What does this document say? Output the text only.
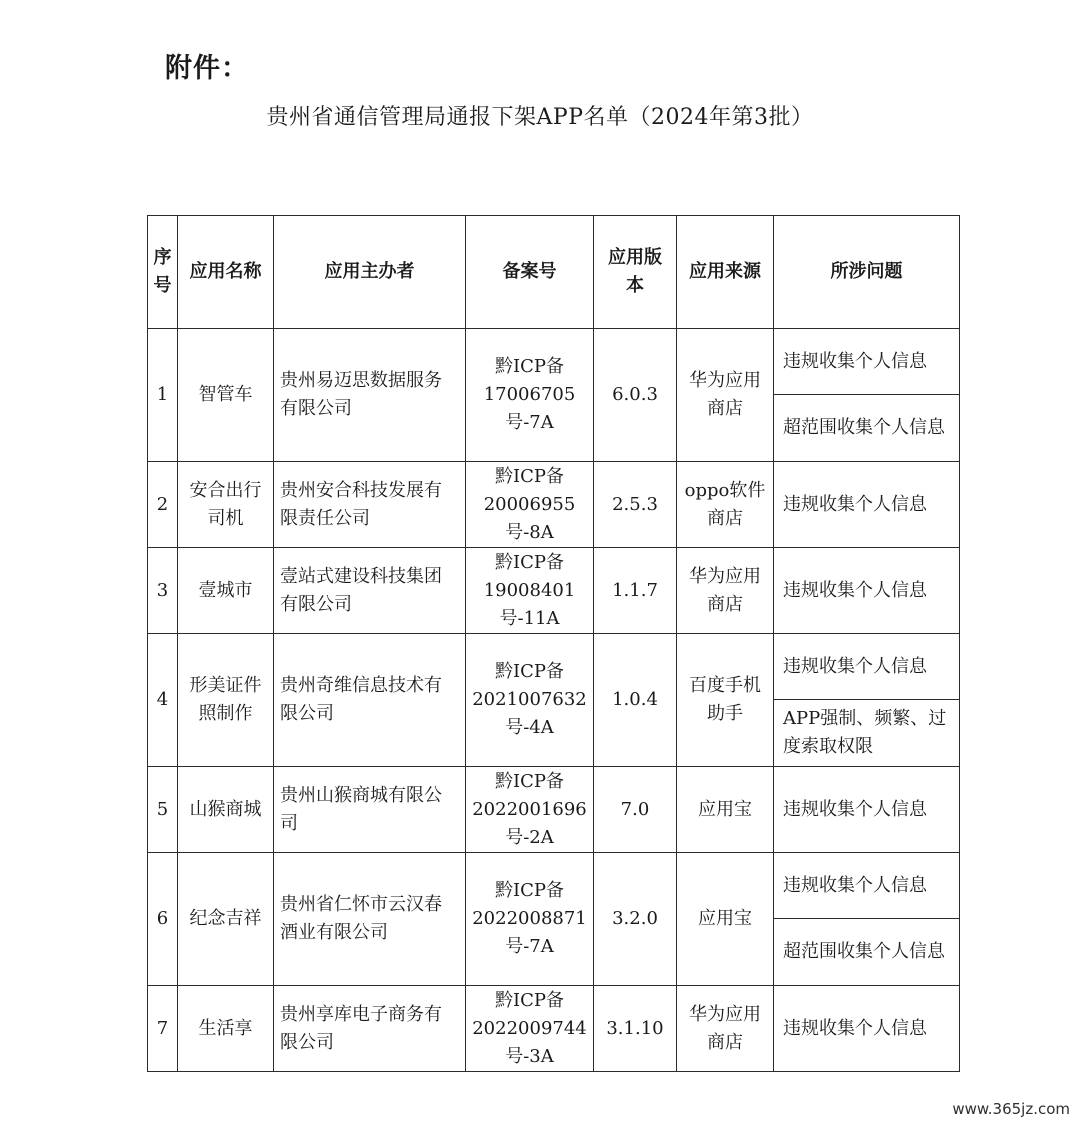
附件：
贵州省通信管理局通报下架APP名单（2024年第3批）
序号	应用名称	应用主办者	备案号	应用版本	应用来源	所涉问题
1	智管车	贵州易迈思数据服务有限公司	黔ICP备17006705号-7A	6.0.3	华为应用商店	违规收集个人信息
						超范围收集个人信息
2	安合出行司机	贵州安合科技发展有限责任公司	黔ICP备20006955号-8A	2.5.3	oppo软件商店	违规收集个人信息
3	壹城市	壹站式建设科技集团有限公司	黔ICP备19008401号-11A	1.1.7	华为应用商店	违规收集个人信息
4	形美证件照制作	贵州奇维信息技术有限公司	黔ICP备2021007632号-4A	1.0.4	百度手机助手	违规收集个人信息
						APP强制、频繁、过度索取权限
5	山猴商城	贵州山猴商城有限公司	黔ICP备2022001696号-2A	7.0	应用宝	违规收集个人信息
6	纪念吉祥	贵州省仁怀市云汉春酒业有限公司	黔ICP备2022008871号-7A	3.2.0	应用宝	违规收集个人信息
						超范围收集个人信息
7	生活享	贵州享库电子商务有限公司	黔ICP备2022009744号-3A	3.1.10	华为应用商店	违规收集个人信息
www.365jz.com
